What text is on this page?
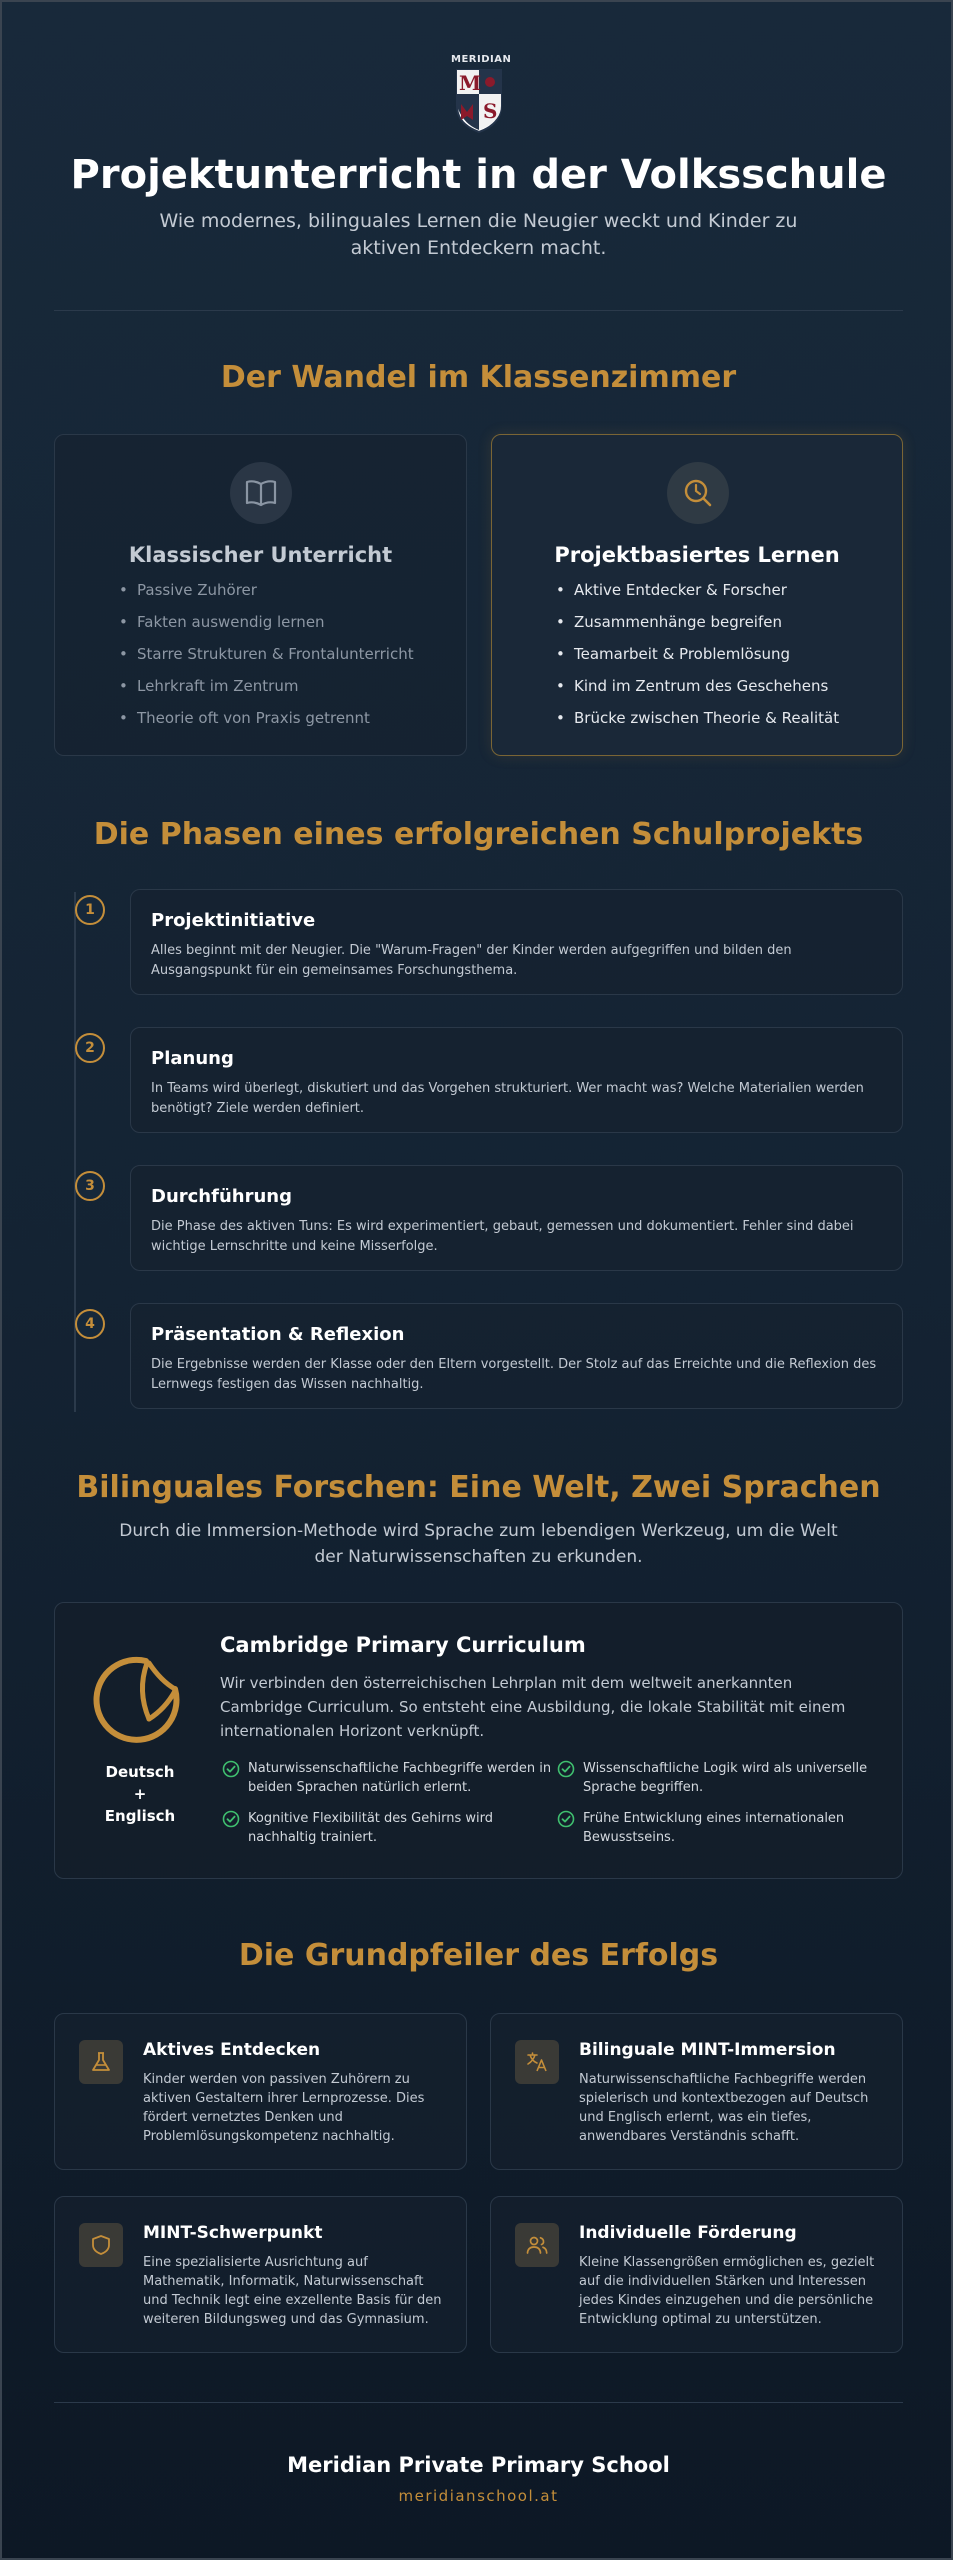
MERIDIAN
M
S
Projektunterricht in der Volksschule
Wie modernes, bilinguales Lernen die Neugier weckt und Kinder zu aktiven Entdeckern macht.
Der Wandel im Klassenzimmer
Klassischer Unterricht
• Passive Zuhörer
• Fakten auswendig lernen
• Starre Strukturen & Frontalunterricht
• Lehrkraft im Zentrum
• Theorie oft von Praxis getrennt
Projektbasiertes Lernen
• Aktive Entdecker & Forscher
• Zusammenhänge begreifen
• Teamarbeit & Problemlösung
• Kind im Zentrum des Geschehens
• Brücke zwischen Theorie & Realität
Die Phasen eines erfolgreichen Schulprojekts
1	Projektinitiative
Alles beginnt mit der Neugier. Die "Warum-Fragen" der Kinder werden aufgegriffen und bilden den Ausgangspunkt für ein gemeinsames Forschungsthema.
2	Planung
In Teams wird überlegt, diskutiert und das Vorgehen strukturiert. Wer macht was? Welche Materialien werden benötigt? Ziele werden definiert.
3	Durchführung
Die Phase des aktiven Tuns: Es wird experimentiert, gebaut, gemessen und dokumentiert. Fehler sind dabei wichtige Lernschritte und keine Misserfolge.
4	Präsentation & Reflexion
Die Ergebnisse werden der Klasse oder den Eltern vorgestellt. Der Stolz auf das Erreichte und die Reflexion des Lernwegs festigen das Wissen nachhaltig.
Bilinguales Forschen: Eine Welt, Zwei Sprachen
Durch die Immersion-Methode wird Sprache zum lebendigen Werkzeug, um die Welt der Naturwissenschaften zu erkunden.
Deutsch
+
Englisch
Cambridge Primary Curriculum
Wir verbinden den österreichischen Lehrplan mit dem weltweit anerkannten Cambridge Curriculum. So entsteht eine Ausbildung, die lokale Stabilität mit einem internationalen Horizont verknüpft.
Naturwissenschaftliche Fachbegriffe werden in beiden Sprachen natürlich erlernt.
Wissenschaftliche Logik wird als universelle Sprache begriffen.
Kognitive Flexibilität des Gehirns wird nachhaltig trainiert.
Frühe Entwicklung eines internationalen Bewusstseins.
Die Grundpfeiler des Erfolgs
Aktives Entdecken
Kinder werden von passiven Zuhörern zu aktiven Gestaltern ihrer Lernprozesse. Dies fördert vernetztes Denken und Problemlösungskompetenz nachhaltig.
Bilinguale MINT-Immersion
Naturwissenschaftliche Fachbegriffe werden spielerisch und kontextbezogen auf Deutsch und Englisch erlernt, was ein tiefes, anwendbares Verständnis schafft.
MINT-Schwerpunkt
Eine spezialisierte Ausrichtung auf Mathematik, Informatik, Naturwissenschaft und Technik legt eine exzellente Basis für den weiteren Bildungsweg und das Gymnasium.
Individuelle Förderung
Kleine Klassengrößen ermöglichen es, gezielt auf die individuellen Stärken und Interessen jedes Kindes einzugehen und die persönliche Entwicklung optimal zu unterstützen.
Meridian Private Primary School
meridianschool.at
